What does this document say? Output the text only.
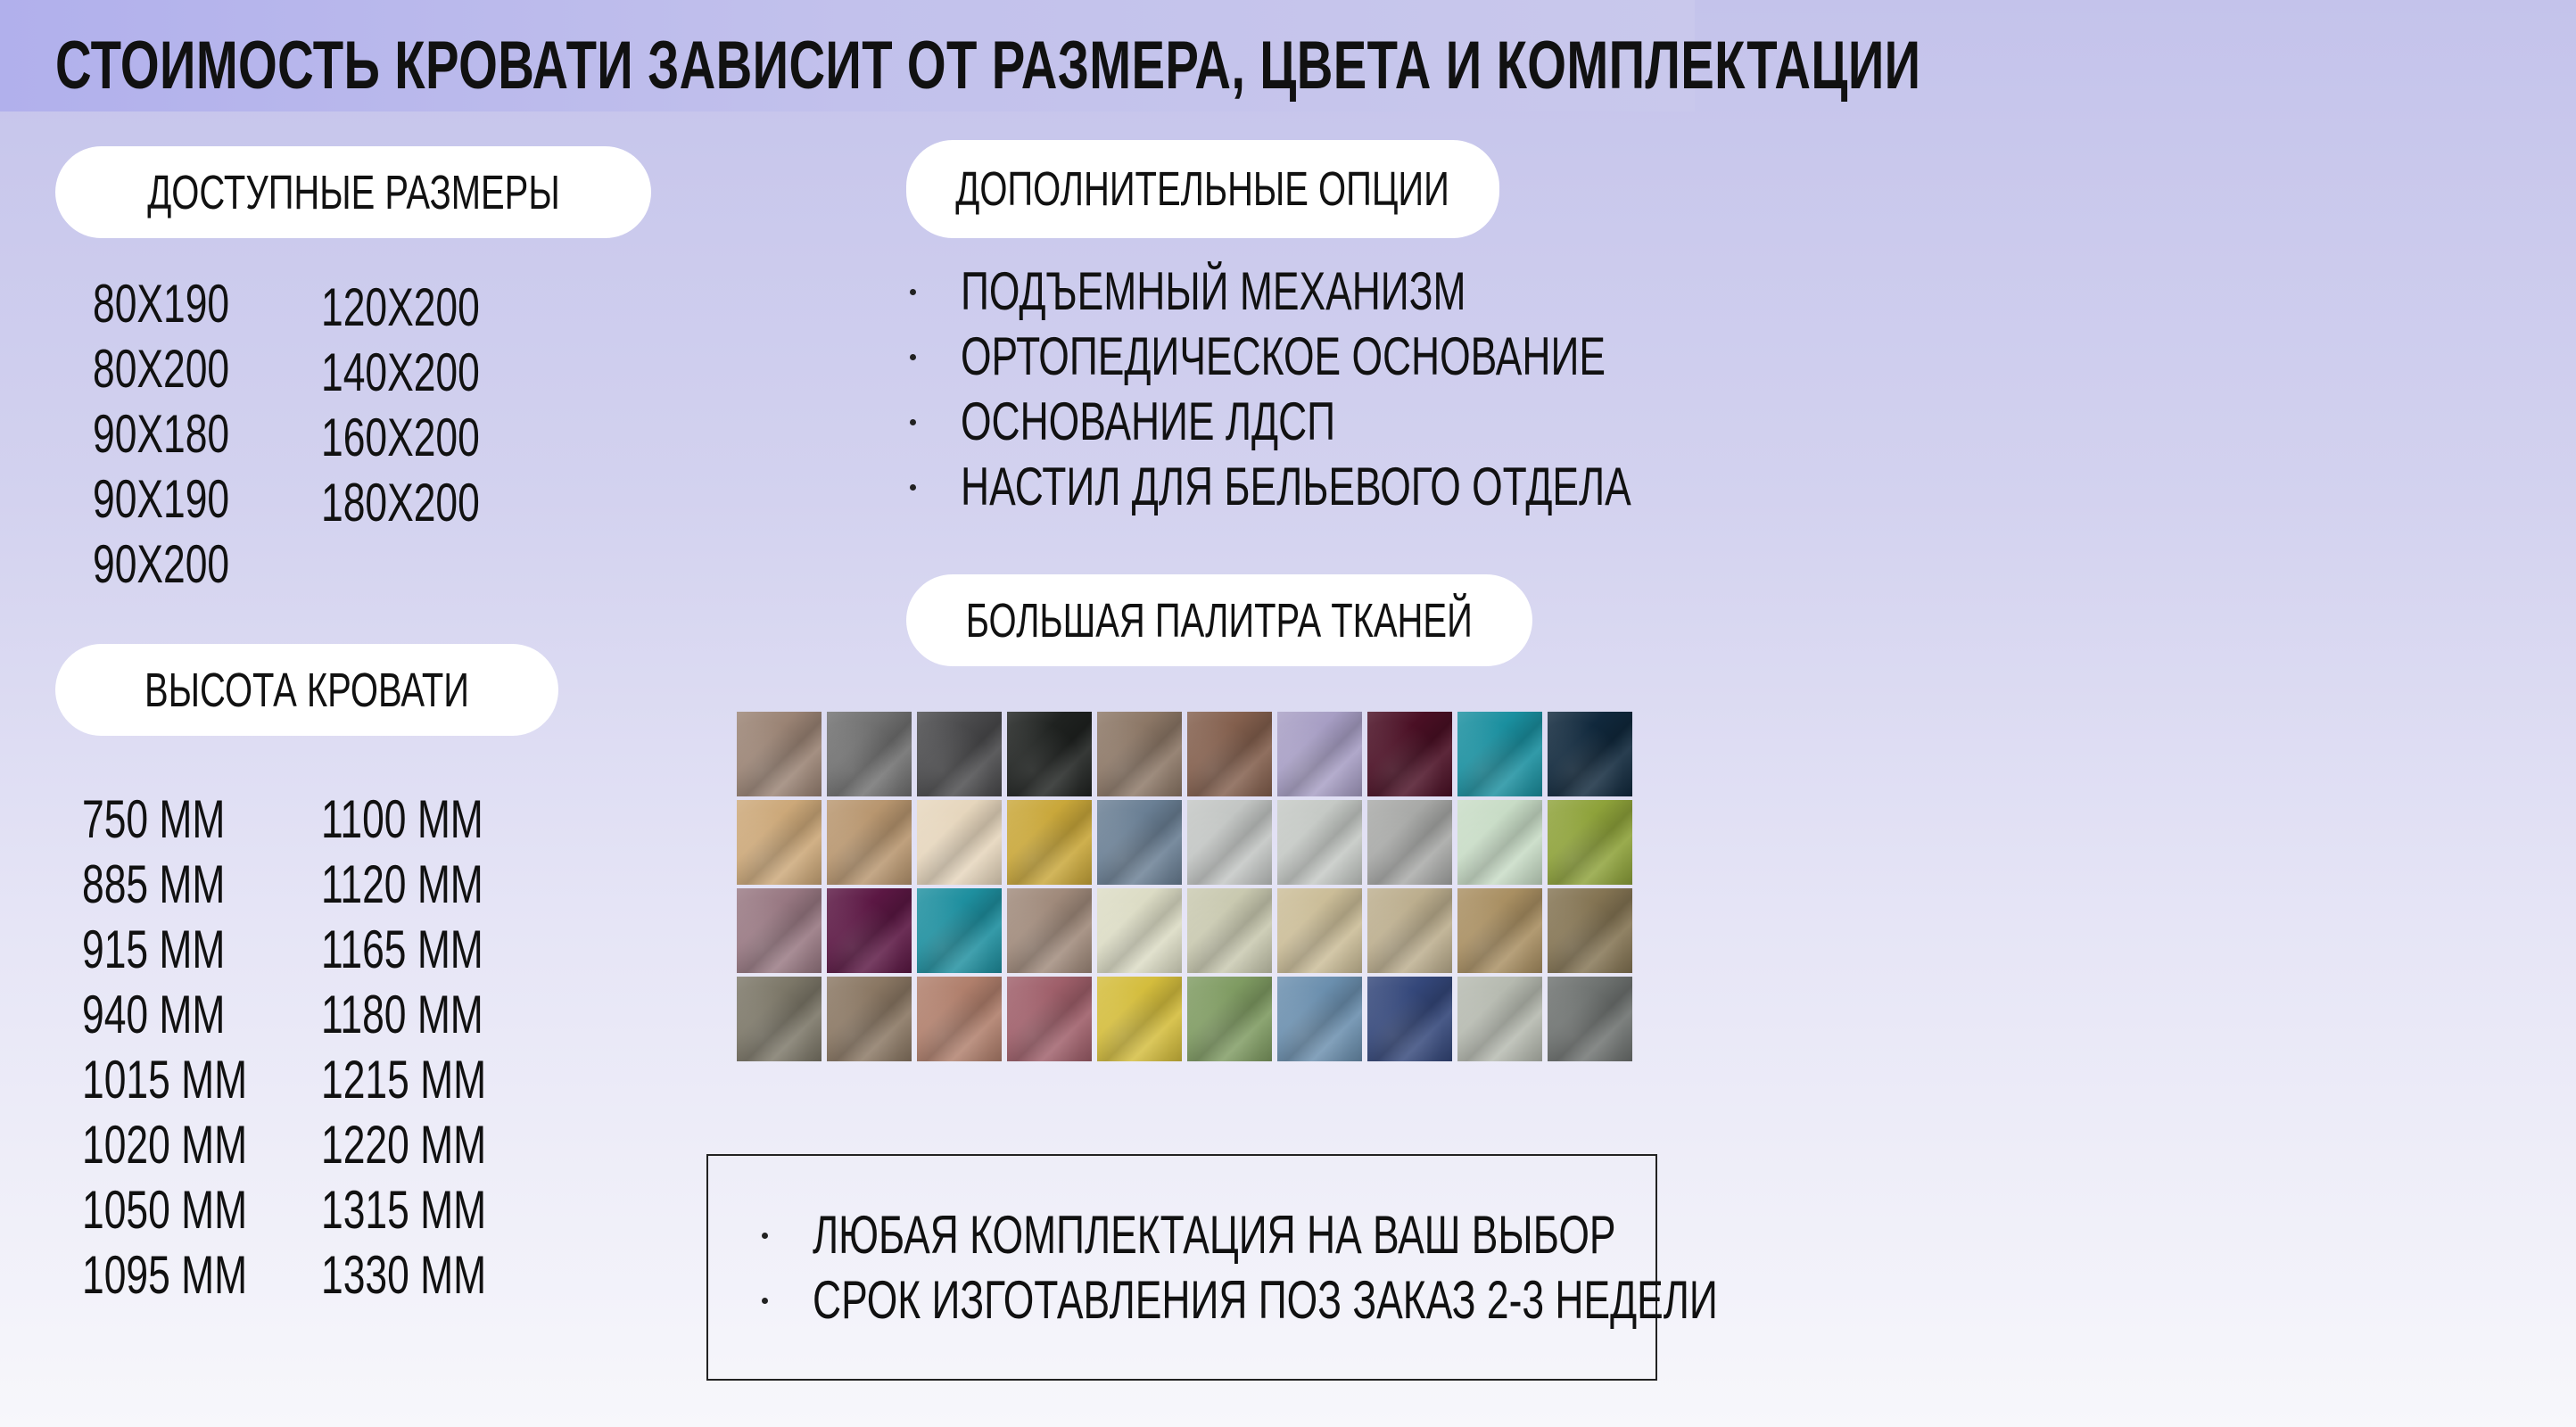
СТОИМОСТЬ КРОВАТИ ЗАВИСИТ ОТ РАЗМЕРА, ЦВЕТА И КОМПЛЕКТАЦИИ
ДОСТУПНЫЕ РАЗМЕРЫ
80Х190
80Х200
90Х180
90Х190
90Х200
120Х200
140Х200
160Х200
180Х200
ВЫСОТА КРОВАТИ
750 ММ
885 ММ
915 ММ
940 ММ
1015 ММ
1020 ММ
1050 ММ
1095 ММ
1100 ММ
1120 ММ
1165 ММ
1180 ММ
1215 ММ
1220 ММ
1315 ММ
1330 ММ
ДОПОЛНИТЕЛЬНЫЕ ОПЦИИ
ПОДЪЕМНЫЙ МЕХАНИЗМ
ОРТОПЕДИЧЕСКОЕ ОСНОВАНИЕ
ОСНОВАНИЕ ЛДСП
НАСТИЛ ДЛЯ БЕЛЬЕВОГО ОТДЕЛА
БОЛЬШАЯ ПАЛИТРА ТКАНЕЙ
ЛЮБАЯ КОМПЛЕКТАЦИЯ НА ВАШ ВЫБОР
СРОК ИЗГОТАВЛЕНИЯ ПОЗ ЗАКАЗ 2-3 НЕДЕЛИ
